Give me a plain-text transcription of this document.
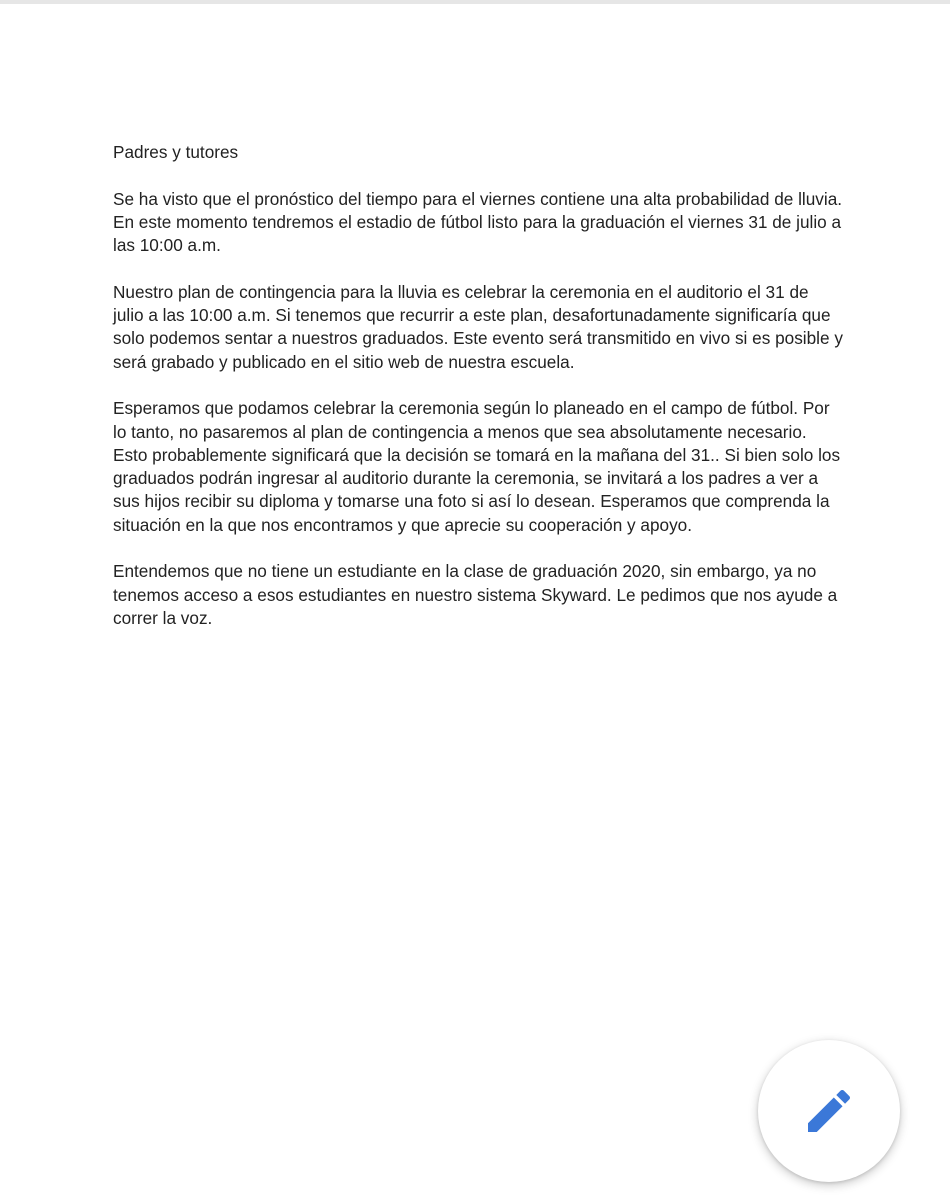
Padres y tutores

Se ha visto que el pronóstico del tiempo para el viernes contiene una alta probabilidad de lluvia. En este momento tendremos el estadio de fútbol listo para la graduación el viernes 31 de julio a las 10:00 a.m.

Nuestro plan de contingencia para la lluvia es celebrar la ceremonia en el auditorio el 31 de julio a las 10:00 a.m. Si tenemos que recurrir a este plan, desafortunadamente significaría que solo podemos sentar a nuestros graduados. Este evento será transmitido en vivo si es posible y será grabado y publicado en el sitio web de nuestra escuela.

Esperamos que podamos celebrar la ceremonia según lo planeado en el campo de fútbol. Por lo tanto, no pasaremos al plan de contingencia a menos que sea absolutamente necesario. Esto probablemente significará que la decisión se tomará en la mañana del 31.. Si bien solo los graduados podrán ingresar al auditorio durante la ceremonia, se invitará a los padres a ver a sus hijos recibir su diploma y tomarse una foto si así lo desean. Esperamos que comprenda la situación en la que nos encontramos y que aprecie su cooperación y apoyo.

Entendemos que no tiene un estudiante en la clase de graduación 2020, sin embargo, ya no tenemos acceso a esos estudiantes en nuestro sistema Skyward. Le pedimos que nos ayude a correr la voz.
